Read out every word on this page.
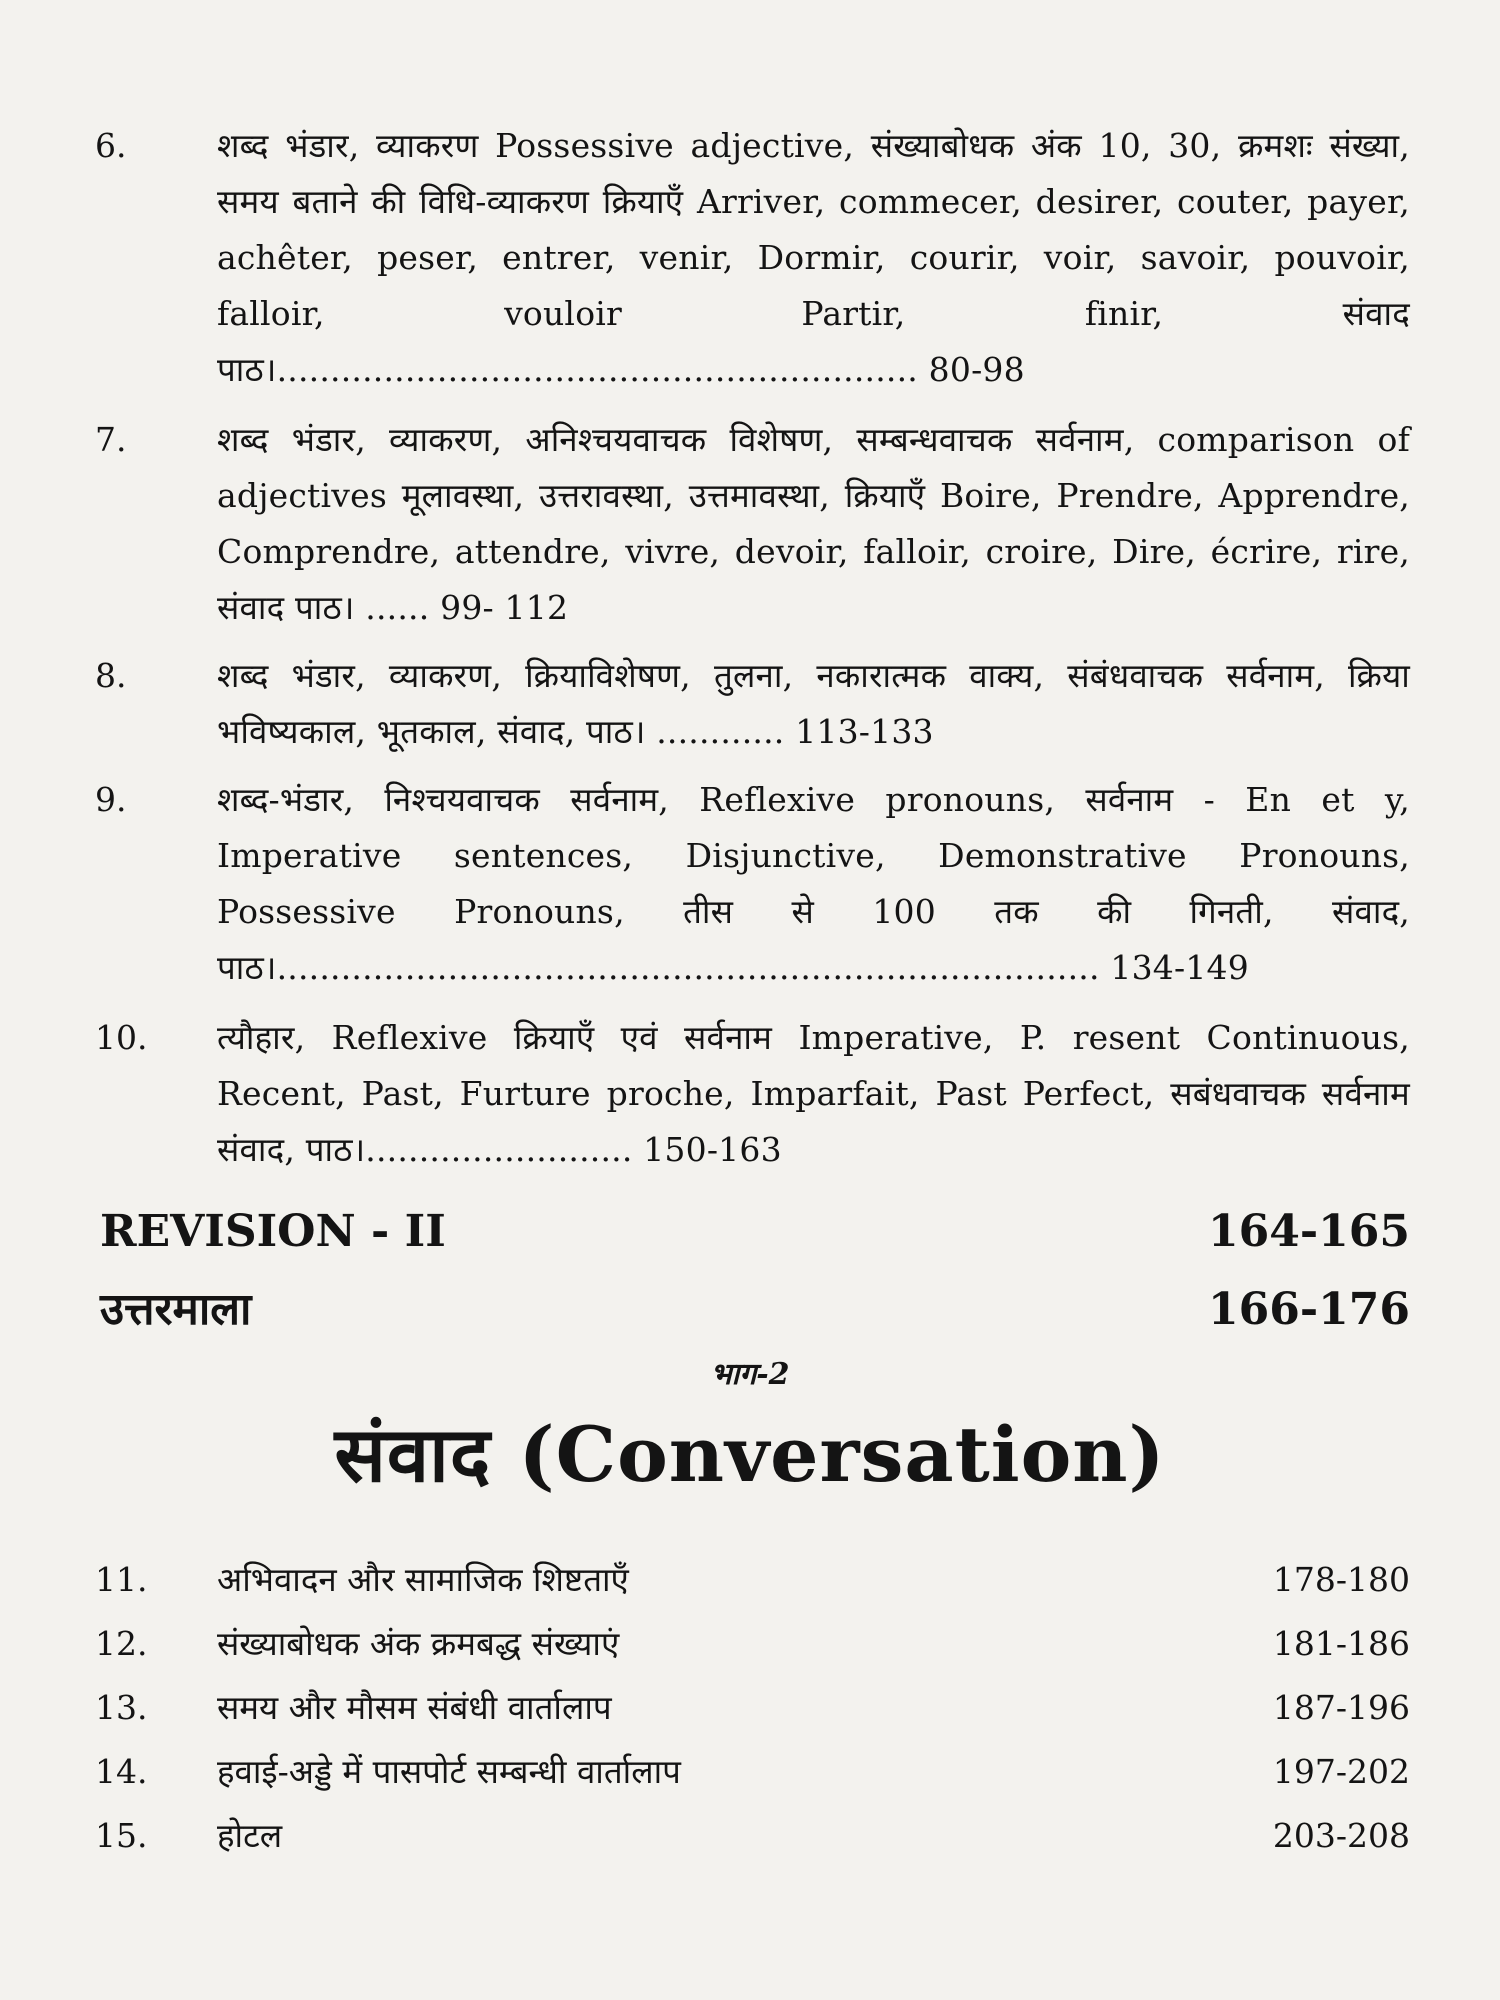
6.	शब्द भंडार, व्याकरण Possessive adjective, संख्याबोधक अंक 10, 30, क्रमशः संख्या, समय बताने की विधि-व्याकरण क्रियाएँ Arriver, commecer, desirer, couter, payer, achêter, peser, entrer, venir, Dormir, courir, voir, savoir, pouvoir, falloir, vouloir Partir, finir, संवाद पाठ।............................................................ 80-98
7.	शब्द भंडार, व्याकरण, अनिश्चयवाचक विशेषण, सम्बन्धवाचक सर्वनाम, comparison of adjectives मूलावस्था, उत्तरावस्था, उत्तमावस्था, क्रियाएँ Boire, Prendre, Apprendre, Comprendre, attendre, vivre, devoir, falloir, croire, Dire, écrire, rire, संवाद पाठ। ...... 99- 112
8.	शब्द भंडार, व्याकरण, क्रियाविशेषण, तुलना, नकारात्मक वाक्य, संबंधवाचक सर्वनाम, क्रिया भविष्यकाल, भूतकाल, संवाद, पाठ। ............ 113-133
9.	शब्द-भंडार, निश्चयवाचक सर्वनाम, Reflexive pronouns, सर्वनाम - En et y, Imperative sentences, Disjunctive, Demonstrative Pronouns, Possessive Pronouns, तीस से 100 तक की गिनती, संवाद, पाठ।............................................................................. 134-149
10. त्यौहार, Reflexive क्रियाएँ एवं सर्वनाम Imperative, P. resent Continuous, Recent, Past, Furture proche, Imparfait, Past Perfect, सबंधवाचक सर्वनाम संवाद, पाठ।......................... 150-163
REVISION - II	164-165
उत्तरमाला	166-176
भाग-2
संवाद (Conversation)
11.	अभिवादन और सामाजिक शिष्टताएँ	178-180
12.	संख्याबोधक अंक क्रमबद्ध संख्याएं	181-186
13.	समय और मौसम संबंधी वार्तालाप	187-196
14.	हवाई-अड्डे में पासपोर्ट सम्बन्धी वार्तालाप	197-202
15.	होटल	203-208
